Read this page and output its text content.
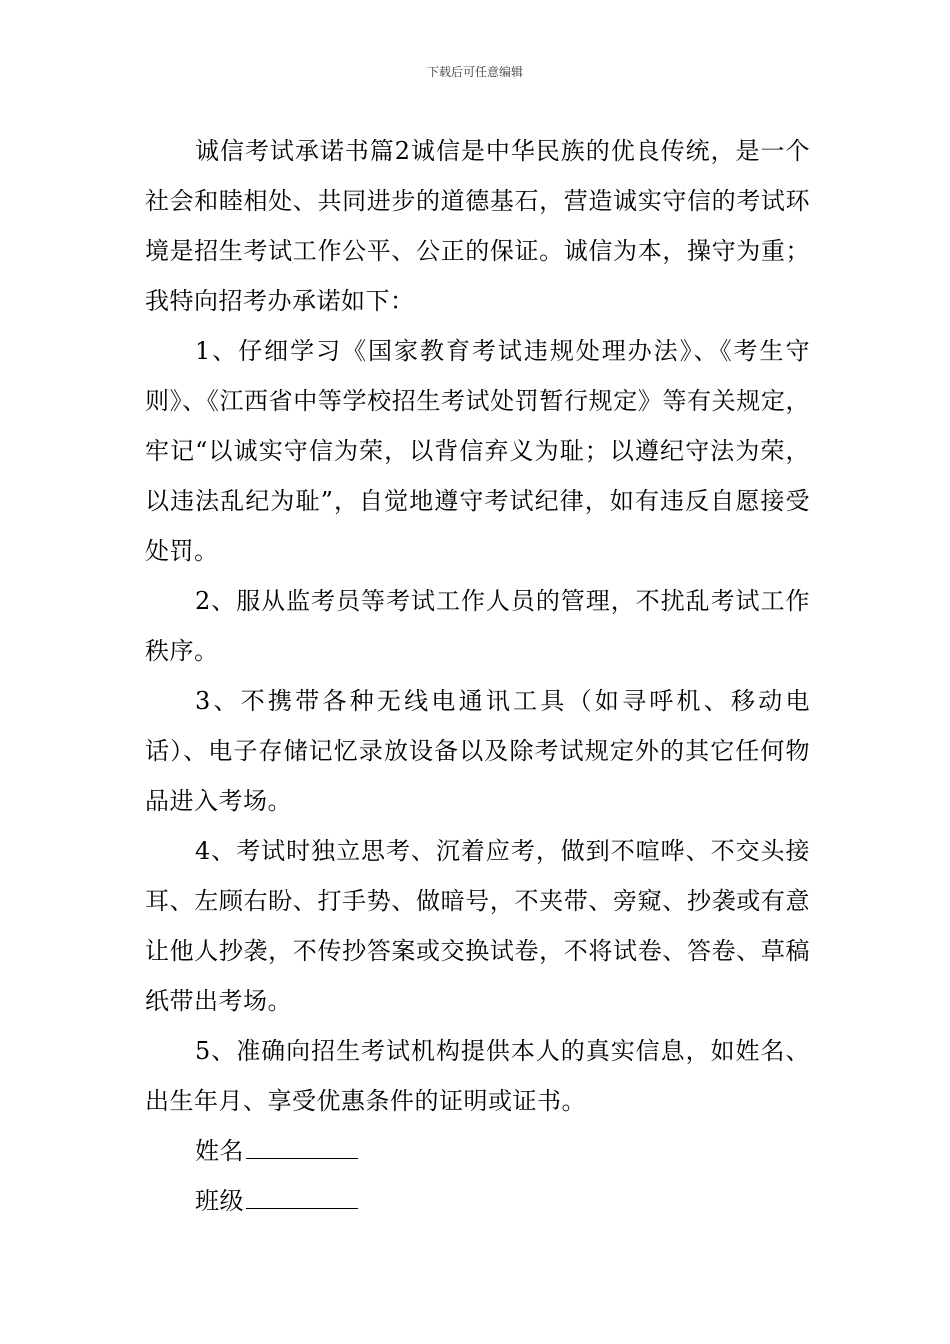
下载后可任意编辑

诚信考试承诺书篇2诚信是中华民族的优良传统，是一个社会和睦相处、共同进步的道德基石，营造诚实守信的考试环境是招生考试工作公平、公正的保证。诚信为本，操守为重；我特向招考办承诺如下：

1、仔细学习《国家教育考试违规处理办法》、《考生守则》、《江西省中等学校招生考试处罚暂行规定》等有关规定，牢记“以诚实守信为荣，以背信弃义为耻；以遵纪守法为荣，以违法乱纪为耻”，自觉地遵守考试纪律，如有违反自愿接受处罚。

2、服从监考员等考试工作人员的管理，不扰乱考试工作秩序。

3、不携带各种无线电通讯工具（如寻呼机、移动电话）、电子存储记忆录放设备以及除考试规定外的其它任何物品进入考场。

4、考试时独立思考、沉着应考，做到不喧哗、不交头接耳、左顾右盼、打手势、做暗号，不夹带、旁窥、抄袭或有意让他人抄袭，不传抄答案或交换试卷，不将试卷、答卷、草稿纸带出考场。

5、准确向招生考试机构提供本人的真实信息，如姓名、出生年月、享受优惠条件的证明或证书。

姓名

班级
